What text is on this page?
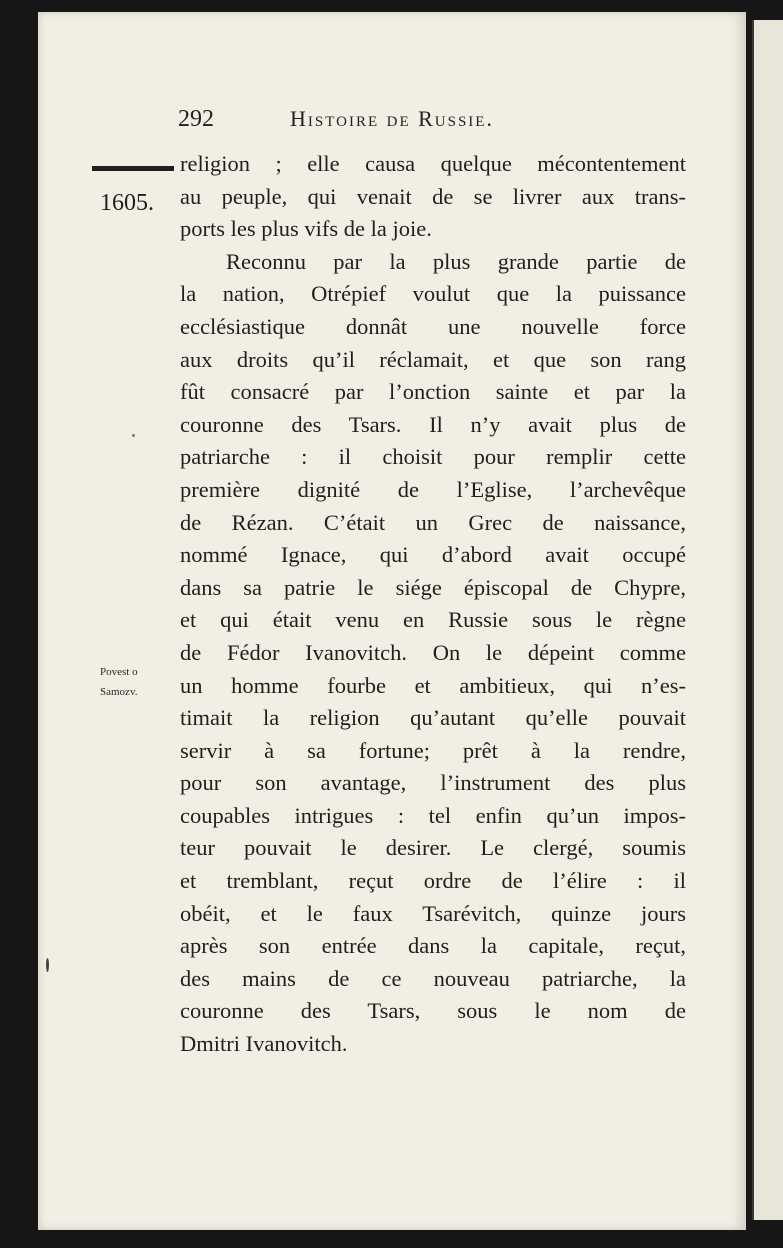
292	Histoire de Russie.
1605.
Povest o
Samozv.
religion ; elle causa quelque mécontentement
au peuple, qui venait de se livrer aux trans-
ports les plus vifs de la joie.
Reconnu par la plus grande partie de
la nation, Otrépief voulut que la puissance
ecclésiastique donnât une nouvelle force
aux droits qu’il réclamait, et que son rang
fût consacré par l’onction sainte et par la
couronne des Tsars. Il n’y avait plus de
patriarche : il choisit pour remplir cette
première dignité de l’Eglise, l’archevêque
de Rézan. C’était un Grec de naissance,
nommé Ignace, qui d’abord avait occupé
dans sa patrie le siége épiscopal de Chypre,
et qui était venu en Russie sous le règne
de Fédor Ivanovitch. On le dépeint comme
un homme fourbe et ambitieux, qui n’es-
timait la religion qu’autant qu’elle pouvait
servir à sa fortune; prêt à la rendre,
pour son avantage, l’instrument des plus
coupables intrigues : tel enfin qu’un impos-
teur pouvait le desirer. Le clergé, soumis
et tremblant, reçut ordre de l’élire : il
obéit, et le faux Tsarévitch, quinze jours
après son entrée dans la capitale, reçut,
des mains de ce nouveau patriarche, la
couronne des Tsars, sous le nom de
Dmitri Ivanovitch.
